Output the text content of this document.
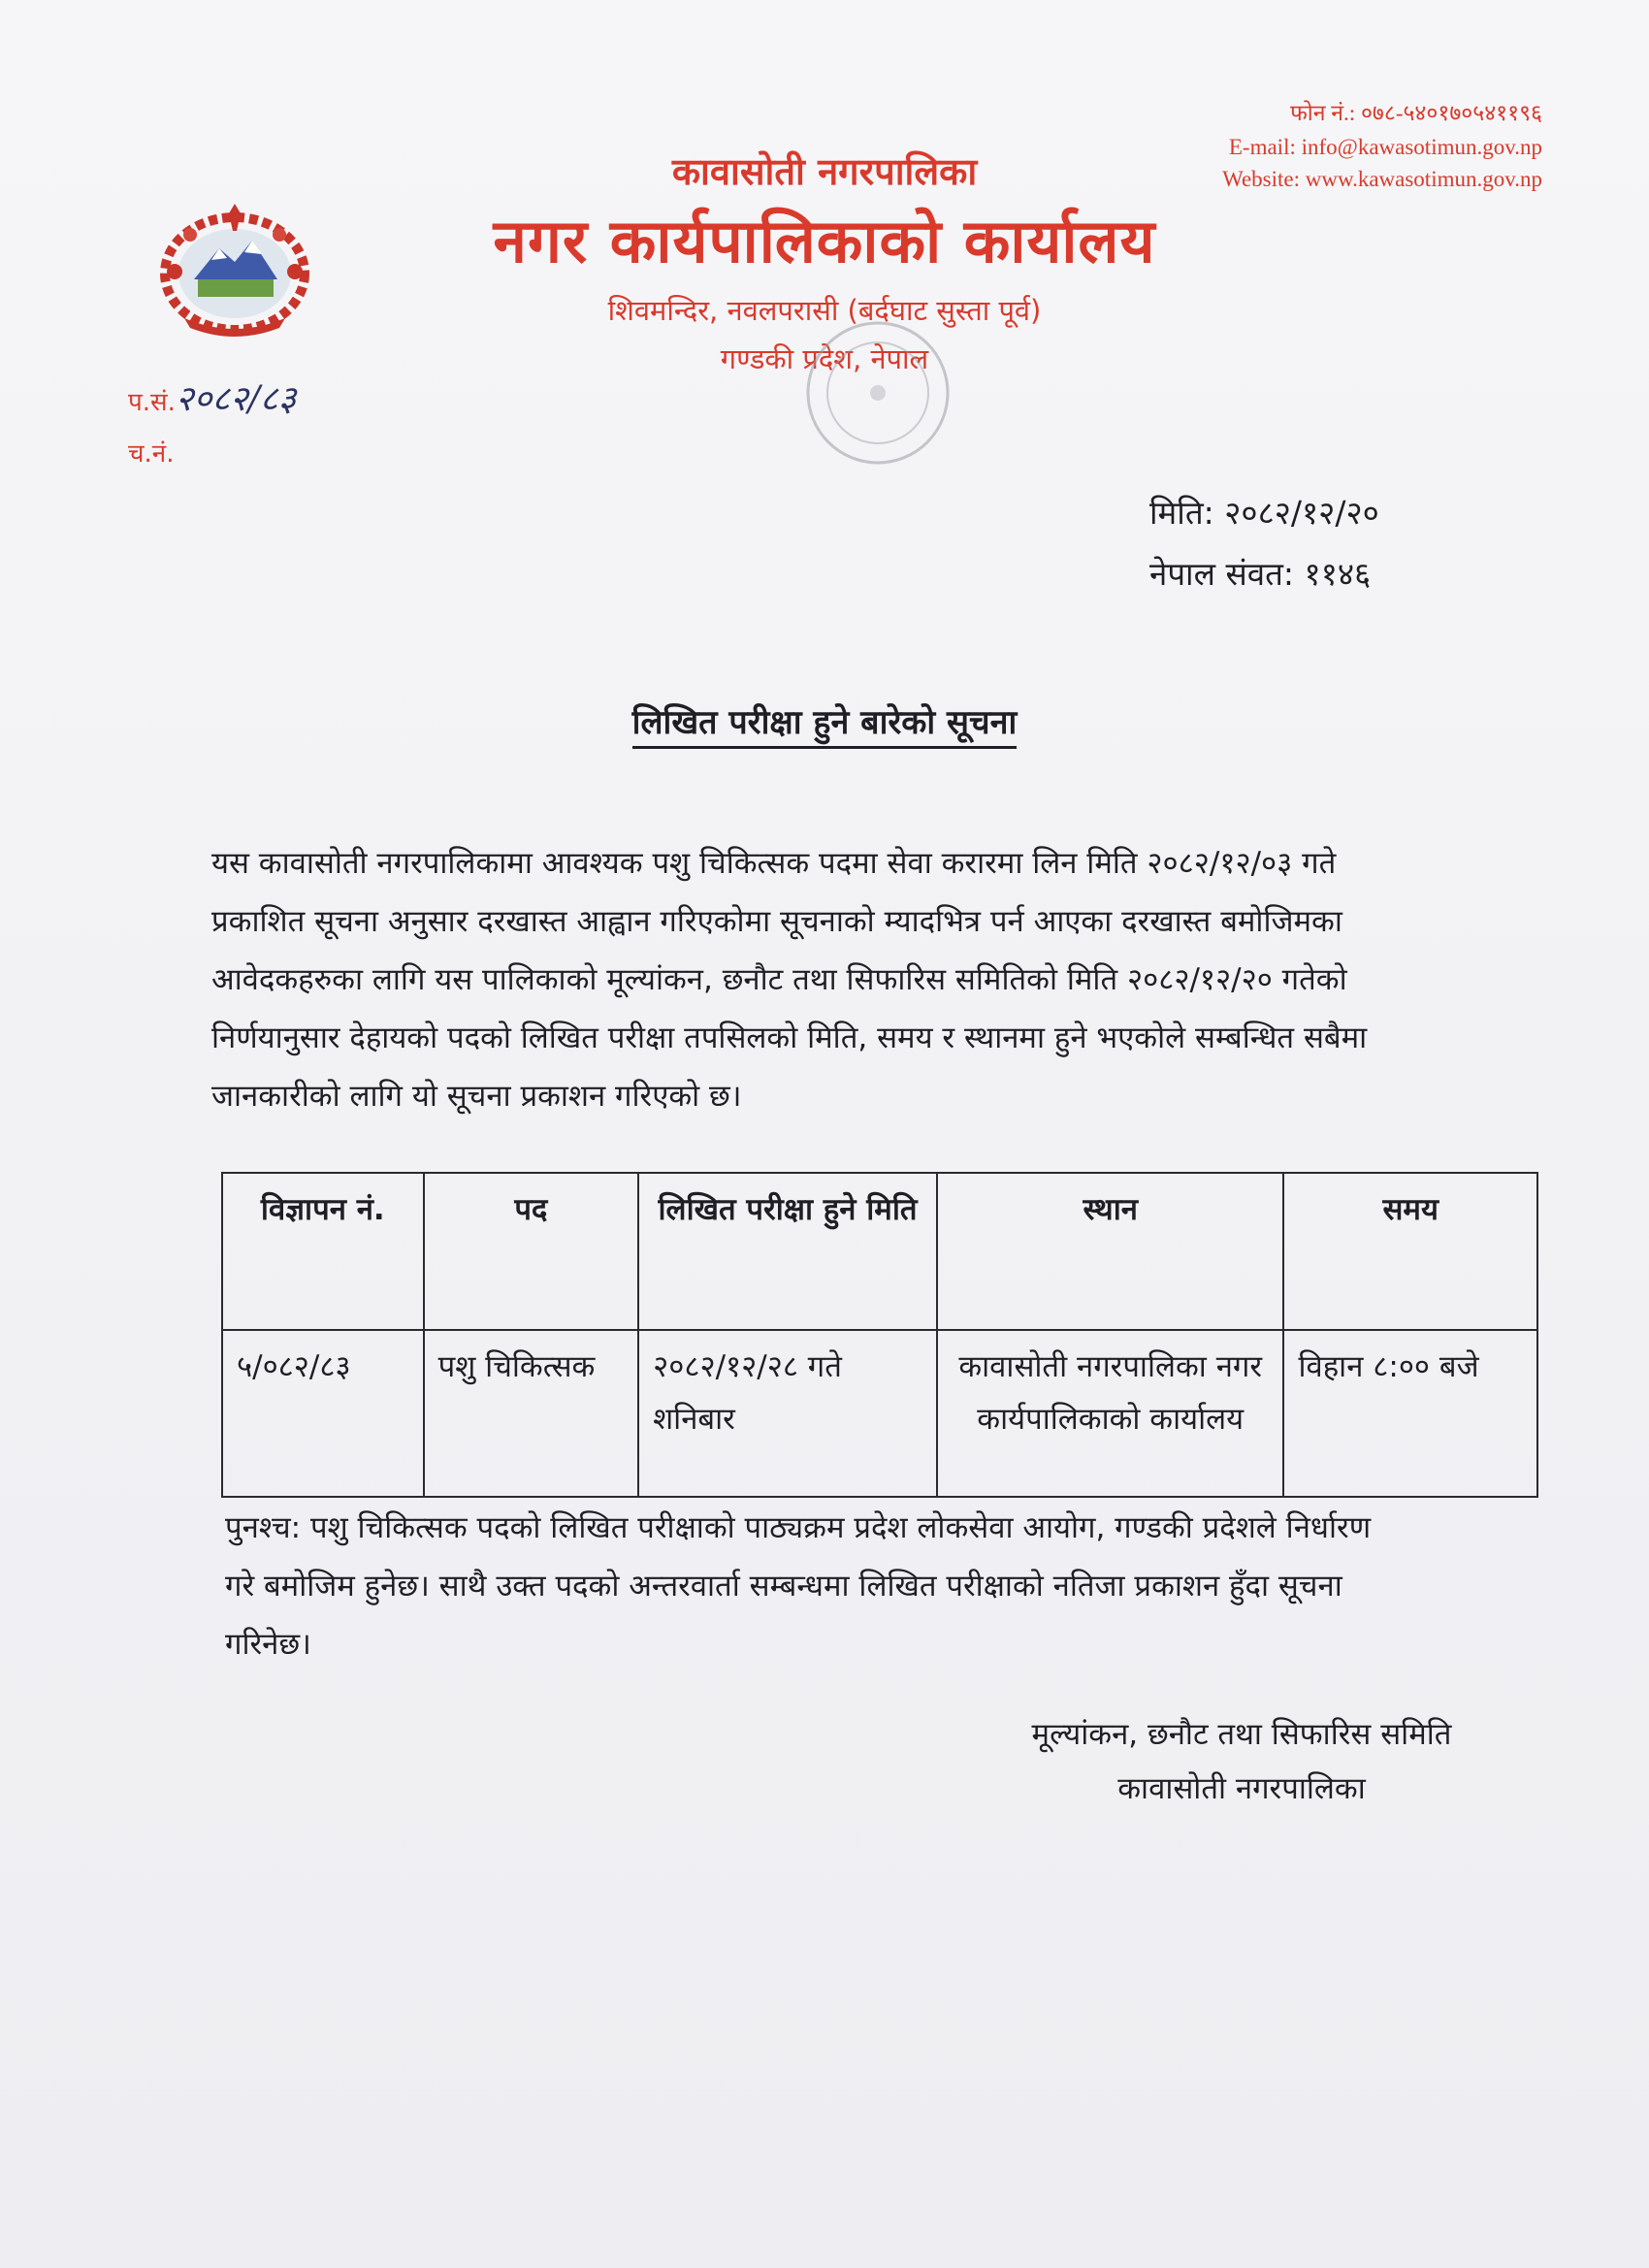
फोन नं.: ०७८-५४०१७०५४११९६
E-mail: info@kawasotimun.gov.np
Website: www.kawasotimun.gov.np
कावासोती नगरपालिका
नगर कार्यपालिकाको कार्यालय
शिवमन्दिर, नवलपरासी (बर्दघाट सुस्ता पूर्व)
गण्डकी प्रदेश, नेपाल
प.सं.२०८२/८३
च.नं.
मिति: २०८२/१२/२०
नेपाल संवत: ११४६
लिखित परीक्षा हुने बारेको सूचना
यस कावासोती नगरपालिकामा आवश्यक पशु चिकित्सक पदमा सेवा करारमा लिन मिति २०८२/१२/०३ गते
प्रकाशित सूचना अनुसार दरखास्त आह्वान गरिएकोमा सूचनाको म्यादभित्र पर्न आएका दरखास्त बमोजिमका
आवेदकहरुका लागि यस पालिकाको मूल्यांकन, छनौट तथा सिफारिस समितिको मिति २०८२/१२/२० गतेको
निर्णयानुसार देहायको पदको लिखित परीक्षा तपसिलको मिति, समय र स्थानमा हुने भएकोले सम्बन्धित सबैमा
जानकारीको लागि यो सूचना प्रकाशन गरिएको छ।
विज्ञापन नं.	पद	लिखित परीक्षा हुने मिति	स्थान	समय
५/०८२/८३	पशु चिकित्सक	२०८२/१२/२८ गते शनिबार	कावासोती नगरपालिका नगर कार्यपालिकाको कार्यालय	विहान ८:०० बजे
पुनश्च: पशु चिकित्सक पदको लिखित परीक्षाको पाठ्यक्रम प्रदेश लोकसेवा आयोग, गण्डकी प्रदेशले निर्धारण
गरे बमोजिम हुनेछ। साथै उक्त पदको अन्तरवार्ता सम्बन्धमा लिखित परीक्षाको नतिजा प्रकाशन हुँदा सूचना
गरिनेछ।
मूल्यांकन, छनौट तथा सिफारिस समिति
कावासोती नगरपालिका
